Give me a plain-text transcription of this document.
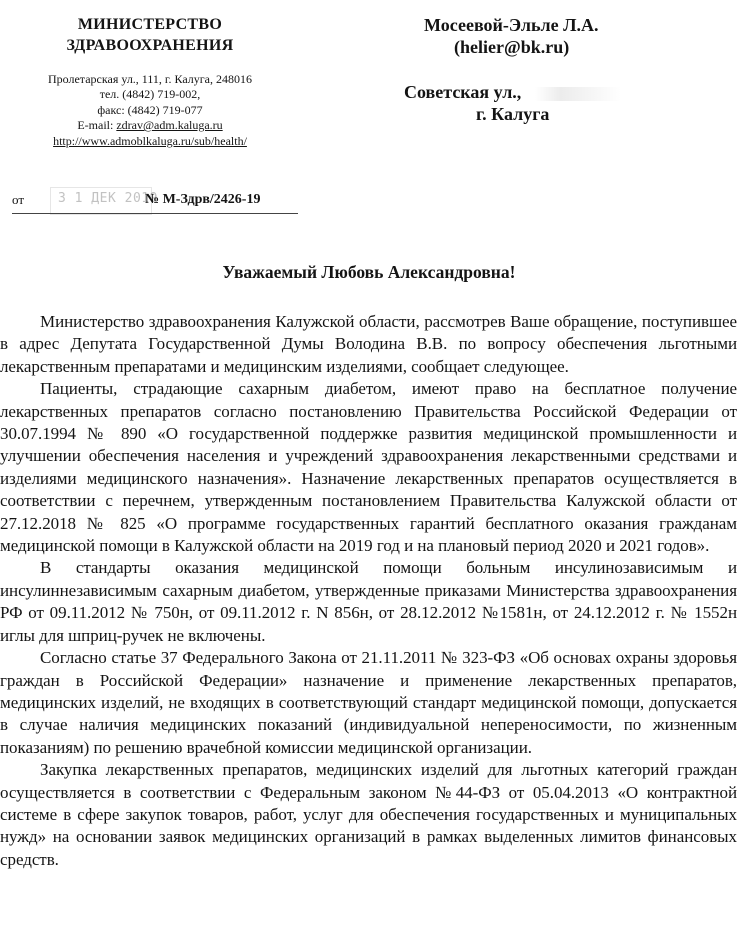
МИНИСТЕРСТВО
ЗДРАВООХРАНЕНИЯ
Пролетарская ул., 111, г. Калуга, 248016
тел. (4842) 719-002,
факс: (4842) 719-077
E-mail: zdrav@adm.kaluga.ru
http://www.admoblkaluga.ru/sub/health/
Мосеевой-Эльле Л.А.
(helier@bk.ru)
Советская ул.,
г. Калуга
от	3 1 ДЕК 2019
№ М-Здрв/2426-19
Уважаемый Любовь Александровна!

Министерство здравоохранения Калужской области, рассмотрев Ваше обращение, поступившее в адрес Депутата Государственной Думы Володина В.В. по вопросу обеспечения льготными лекарственным препаратами и медицинским изделиями, сообщает следующее.

Пациенты, страдающие сахарным диабетом, имеют право на бесплатное получение лекарственных препаратов согласно постановлению Правительства Российской Федерации от 30.07.1994 № 890 «О государственной поддержке развития медицинской промышленности и улучшении обеспечения населения и учреждений здравоохранения лекарственными средствами и изделиями медицинского назначения». Назначение лекарственных препаратов осуществляется в соответствии с перечнем, утвержденным постановлением Правительства Калужской области от 27.12.2018 № 825 «О программе государственных гарантий бесплатного оказания гражданам медицинской помощи в Калужской области на 2019 год и на плановый период 2020 и 2021 годов».

В стандарты оказания медицинской помощи больным инсулинозависимым и инсулиннезависимым сахарным диабетом, утвержденные приказами Министерства здравоохранения РФ от 09.11.2012 № 750н, от 09.11.2012 г. N 856н, от 28.12.2012 №1581н, от 24.12.2012 г. № 1552н иглы для шприц-ручек не включены.

Согласно статье 37 Федерального Закона от 21.11.2011 № 323-ФЗ «Об основах охраны здоровья граждан в Российской Федерации» назначение и применение лекарственных препаратов, медицинских изделий, не входящих в соответствующий стандарт медицинской помощи, допускается в случае наличия медицинских показаний (индивидуальной непереносимости, по жизненным показаниям) по решению врачебной комиссии медицинской организации.

Закупка лекарственных препаратов, медицинских изделий для льготных категорий граждан осуществляется в соответствии с Федеральным законом №44-ФЗ от 05.04.2013 «О контрактной системе в сфере закупок товаров, работ, услуг для обеспечения государственных и муниципальных нужд» на основании заявок медицинских организаций в рамках выделенных лимитов финансовых средств.
